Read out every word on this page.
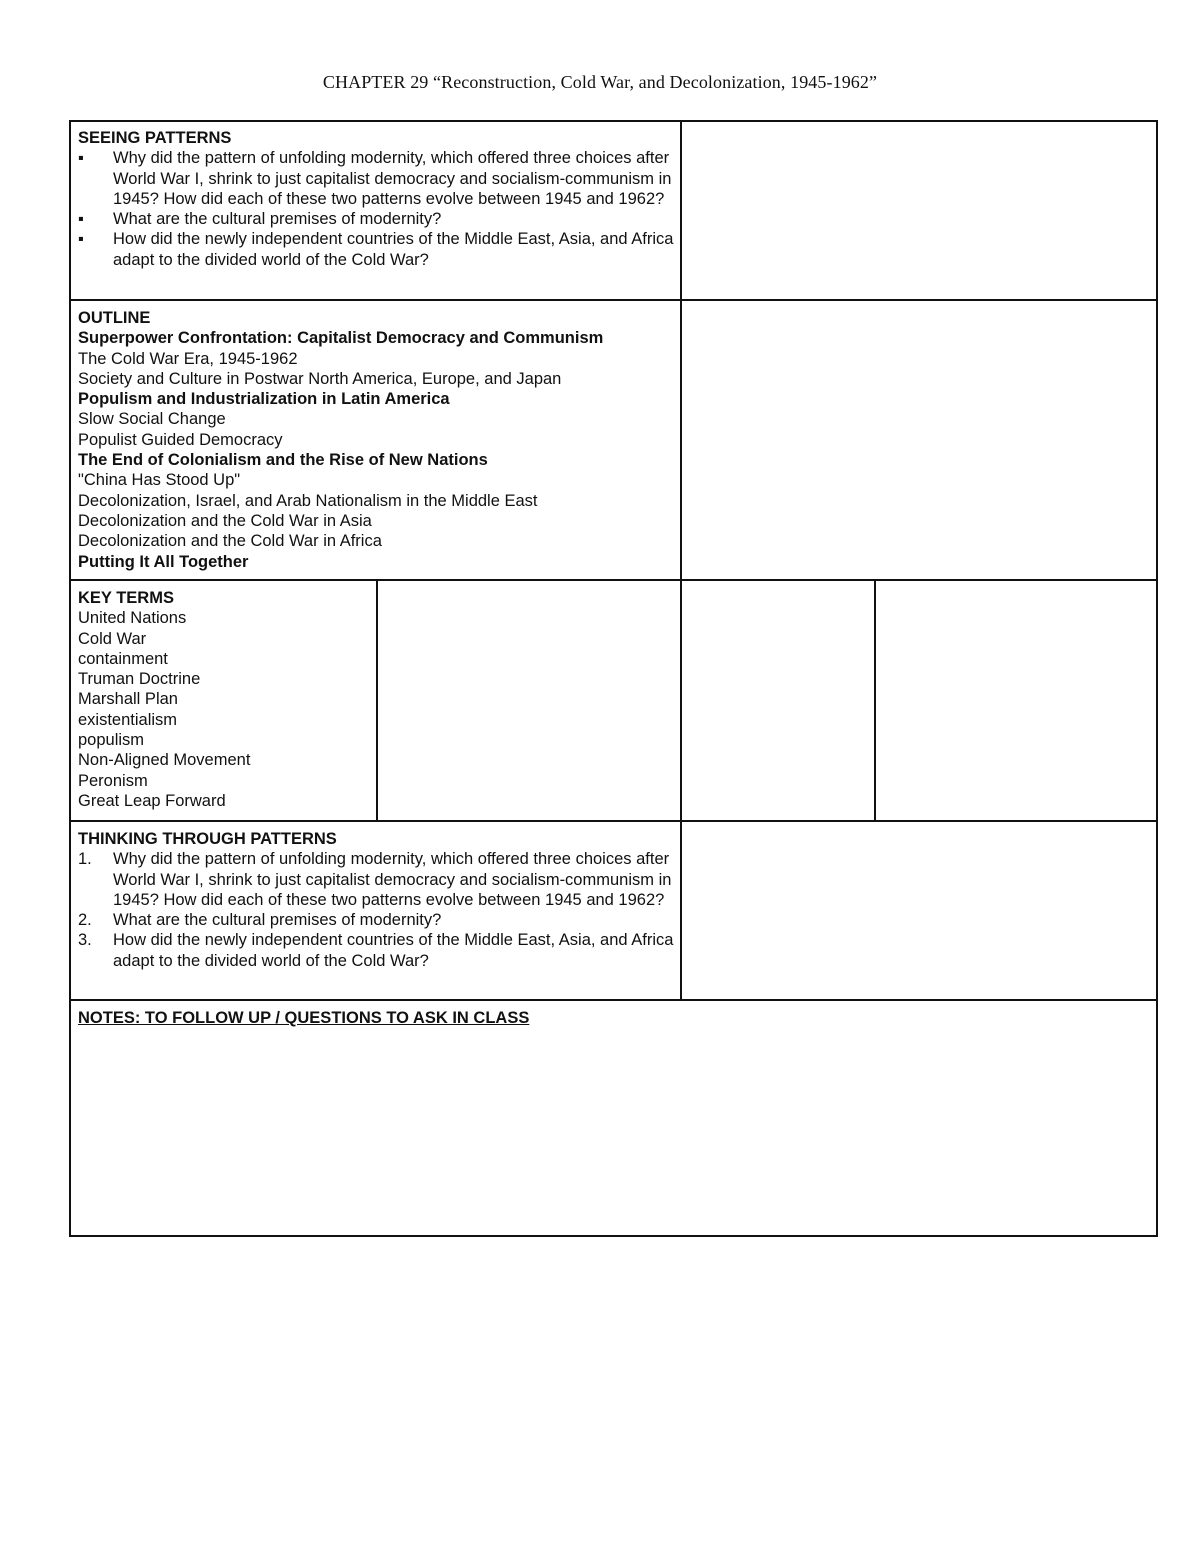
CHAPTER 29 “Reconstruction, Cold War, and Decolonization, 1945-1962”
SEEING PATTERNS
▪ Why did the pattern of unfolding modernity, which offered three choices after World War I, shrink to just capitalist democracy and socialism-communism in 1945? How did each of these two patterns evolve between 1945 and 1962?
▪ What are the cultural premises of modernity?
▪ How did the newly independent countries of the Middle East, Asia, and Africa adapt to the divided world of the Cold War?
OUTLINE
Superpower Confrontation: Capitalist Democracy and Communism
The Cold War Era, 1945-1962
Society and Culture in Postwar North America, Europe, and Japan
Populism and Industrialization in Latin America
Slow Social Change
Populist Guided Democracy
The End of Colonialism and the Rise of New Nations
"China Has Stood Up"
Decolonization, Israel, and Arab Nationalism in the Middle East
Decolonization and the Cold War in Asia
Decolonization and the Cold War in Africa
Putting It All Together
KEY TERMS
United Nations
Cold War
containment
Truman Doctrine
Marshall Plan
existentialism
populism
Non-Aligned Movement
Peronism
Great Leap Forward
THINKING THROUGH PATTERNS
1. Why did the pattern of unfolding modernity, which offered three choices after World War I, shrink to just capitalist democracy and socialism-communism in 1945? How did each of these two patterns evolve between 1945 and 1962?
2. What are the cultural premises of modernity?
3. How did the newly independent countries of the Middle East, Asia, and Africa adapt to the divided world of the Cold War?
NOTES: TO FOLLOW UP / QUESTIONS TO ASK IN CLASS
